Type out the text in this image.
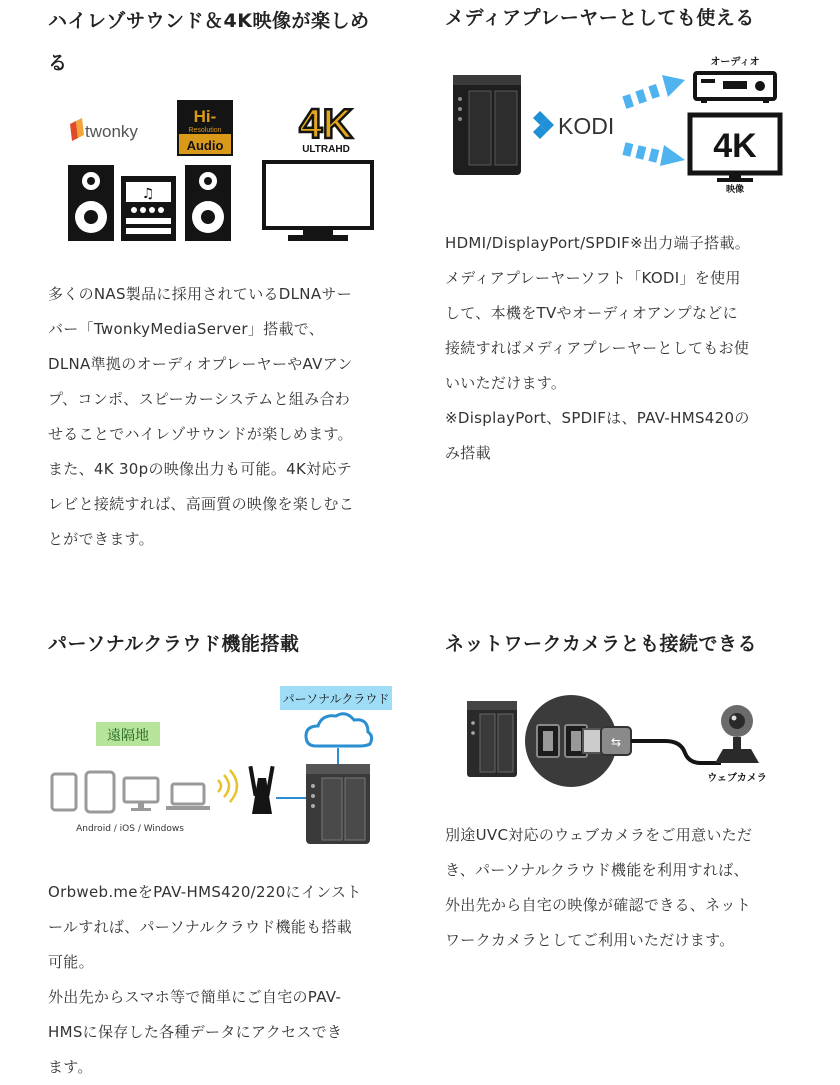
ハイレゾサウンド＆4K映像が楽しめ
る
twonky
Hi-
Resolution
Audio 4K
ULTRAHD
♫
多くのNAS製品に採用されているDLNAサー
バー「TwonkyMediaServer」搭載で、
DLNA準拠のオーディオプレーヤーやAVアン
プ、コンポ、スピーカーシステムと組み合わ
せることでハイレゾサウンドが楽しめます。
また、4K 30pの映像出力も可能。4K対応テ
レビと接続すれば、高画質の映像を楽しむこ
とができます。
メディアプレーヤーとしても使える
KODI
オーディオ
4K
映像
HDMI/DisplayPort/SPDIF※出力端子搭載。
メディアプレーヤーソフト「KODI」を使用
して、本機をTVやオーディオアンプなどに
接続すればメディアプレーヤーとしてもお使
いいただけます。
※DisplayPort、SPDIFは、PAV-HMS420の
み搭載
パーソナルクラウド機能搭載
パーソナルクラウド
遠隔地
Android / iOS / Windows
Orbweb.meをPAV-HMS420/220にインスト
ールすれば、パーソナルクラウド機能も搭載
可能。
外出先からスマホ等で簡単にご自宅のPAV-
HMSに保存した各種データにアクセスでき
ます。
ネットワークカメラとも接続できる
⇆
ウェブカメラ
別途UVC対応のウェブカメラをご用意いただ
き、パーソナルクラウド機能を利用すれば、
外出先から自宅の映像が確認できる、ネット
ワークカメラとしてご利用いただけます。
